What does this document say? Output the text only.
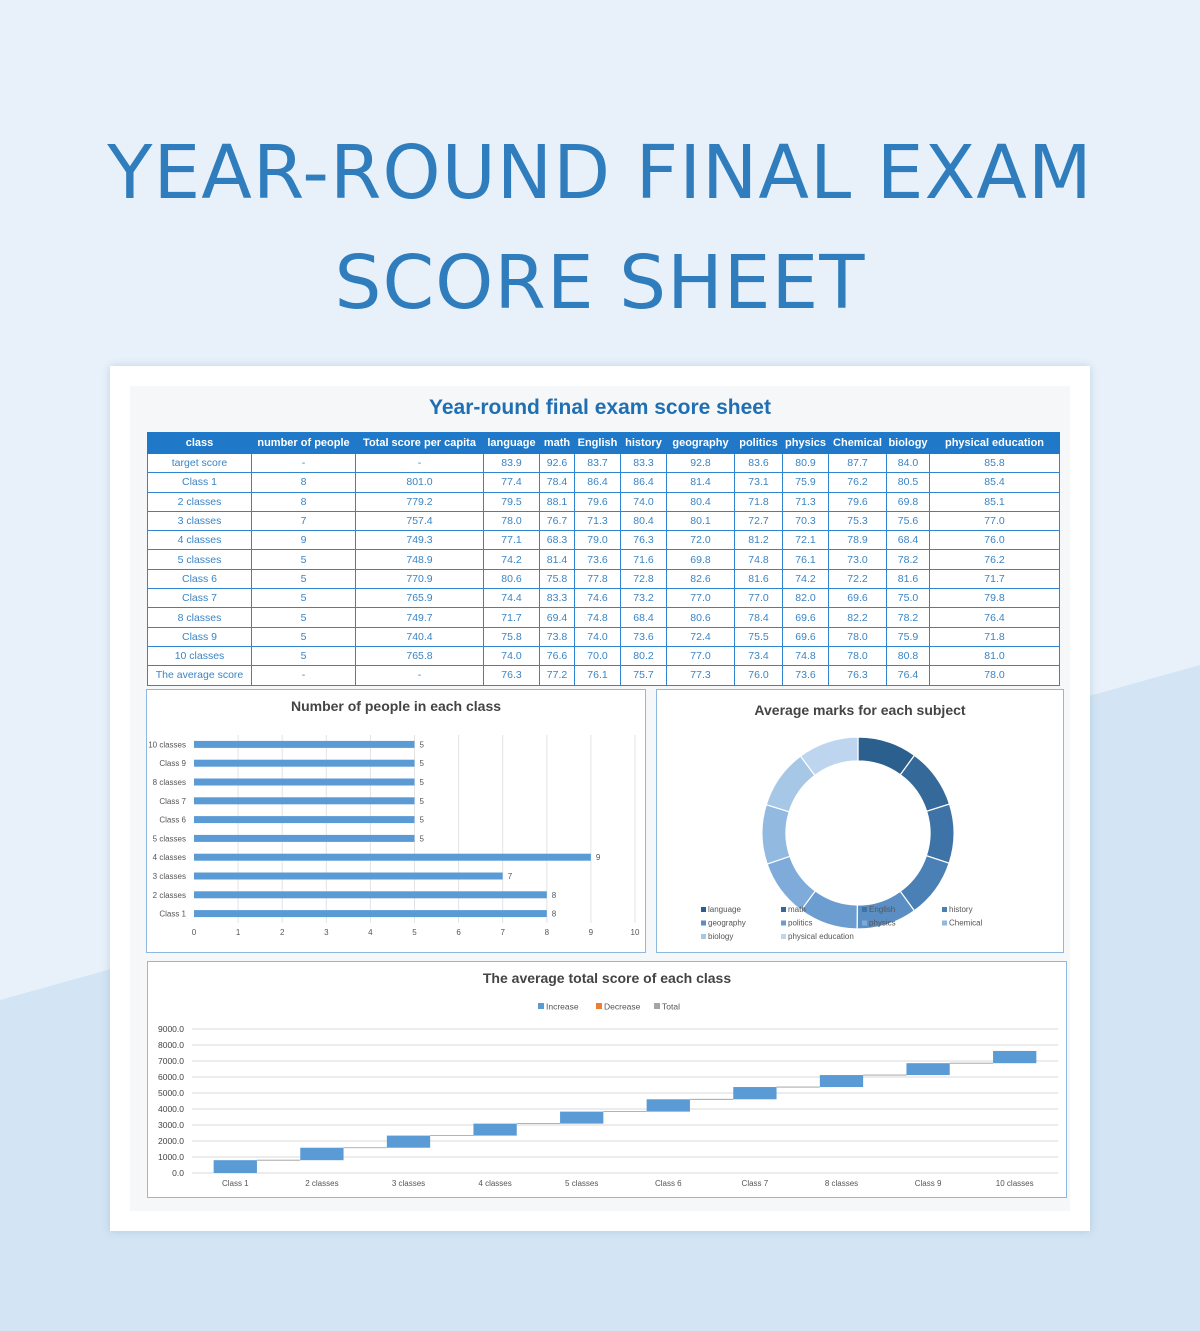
YEAR-ROUND FINAL EXAM
SCORE SHEET
Year-round final exam score sheet
class	number of people	Total score per capita	language	math	English	history	geography	politics	physics	Chemical	biology	physical education
target score	-	-	83.9	92.6	83.7	83.3	92.8	83.6	80.9	87.7	84.0	85.8
Class 1	8	801.0	77.4	78.4	86.4	86.4	81.4	73.1	75.9	76.2	80.5	85.4
2 classes	8	779.2	79.5	88.1	79.6	74.0	80.4	71.8	71.3	79.6	69.8	85.1
3 classes	7	757.4	78.0	76.7	71.3	80.4	80.1	72.7	70.3	75.3	75.6	77.0
4 classes	9	749.3	77.1	68.3	79.0	76.3	72.0	81.2	72.1	78.9	68.4	76.0
5 classes	5	748.9	74.2	81.4	73.6	71.6	69.8	74.8	76.1	73.0	78.2	76.2
Class 6	5	770.9	80.6	75.8	77.8	72.8	82.6	81.6	74.2	72.2	81.6	71.7
Class 7	5	765.9	74.4	83.3	74.6	73.2	77.0	77.0	82.0	69.6	75.0	79.8
8 classes	5	749.7	71.7	69.4	74.8	68.4	80.6	78.4	69.6	82.2	78.2	76.4
Class 9	5	740.4	75.8	73.8	74.0	73.6	72.4	75.5	69.6	78.0	75.9	71.8
10 classes	5	765.8	74.0	76.6	70.0	80.2	77.0	73.4	74.8	78.0	80.8	81.0
The average score	-	-	76.3	77.2	76.1	75.7	77.3	76.0	73.6	76.3	76.4	78.0
Number of people in each class
0	1	2	3	4	5	6	7	8	9	10
Class 1	8
2 classes	8
3 classes	7
4 classes	9
5 classes	5
Class 6	5
Class 7	5
8 classes	5
Class 9	5
10 classes	5
Average marks for each subject
language	math	English	history
geography	politics	physics	Chemical
biology	physical education
The average total score of each class
Increase	Decrease	Total
0.0
1000.0
2000.0
3000.0
4000.0
5000.0
6000.0
7000.0
8000.0
9000.0
Class 1	2 classes	3 classes	4 classes	5 classes	Class 6	Class 7	8 classes	Class 9	10 classes
